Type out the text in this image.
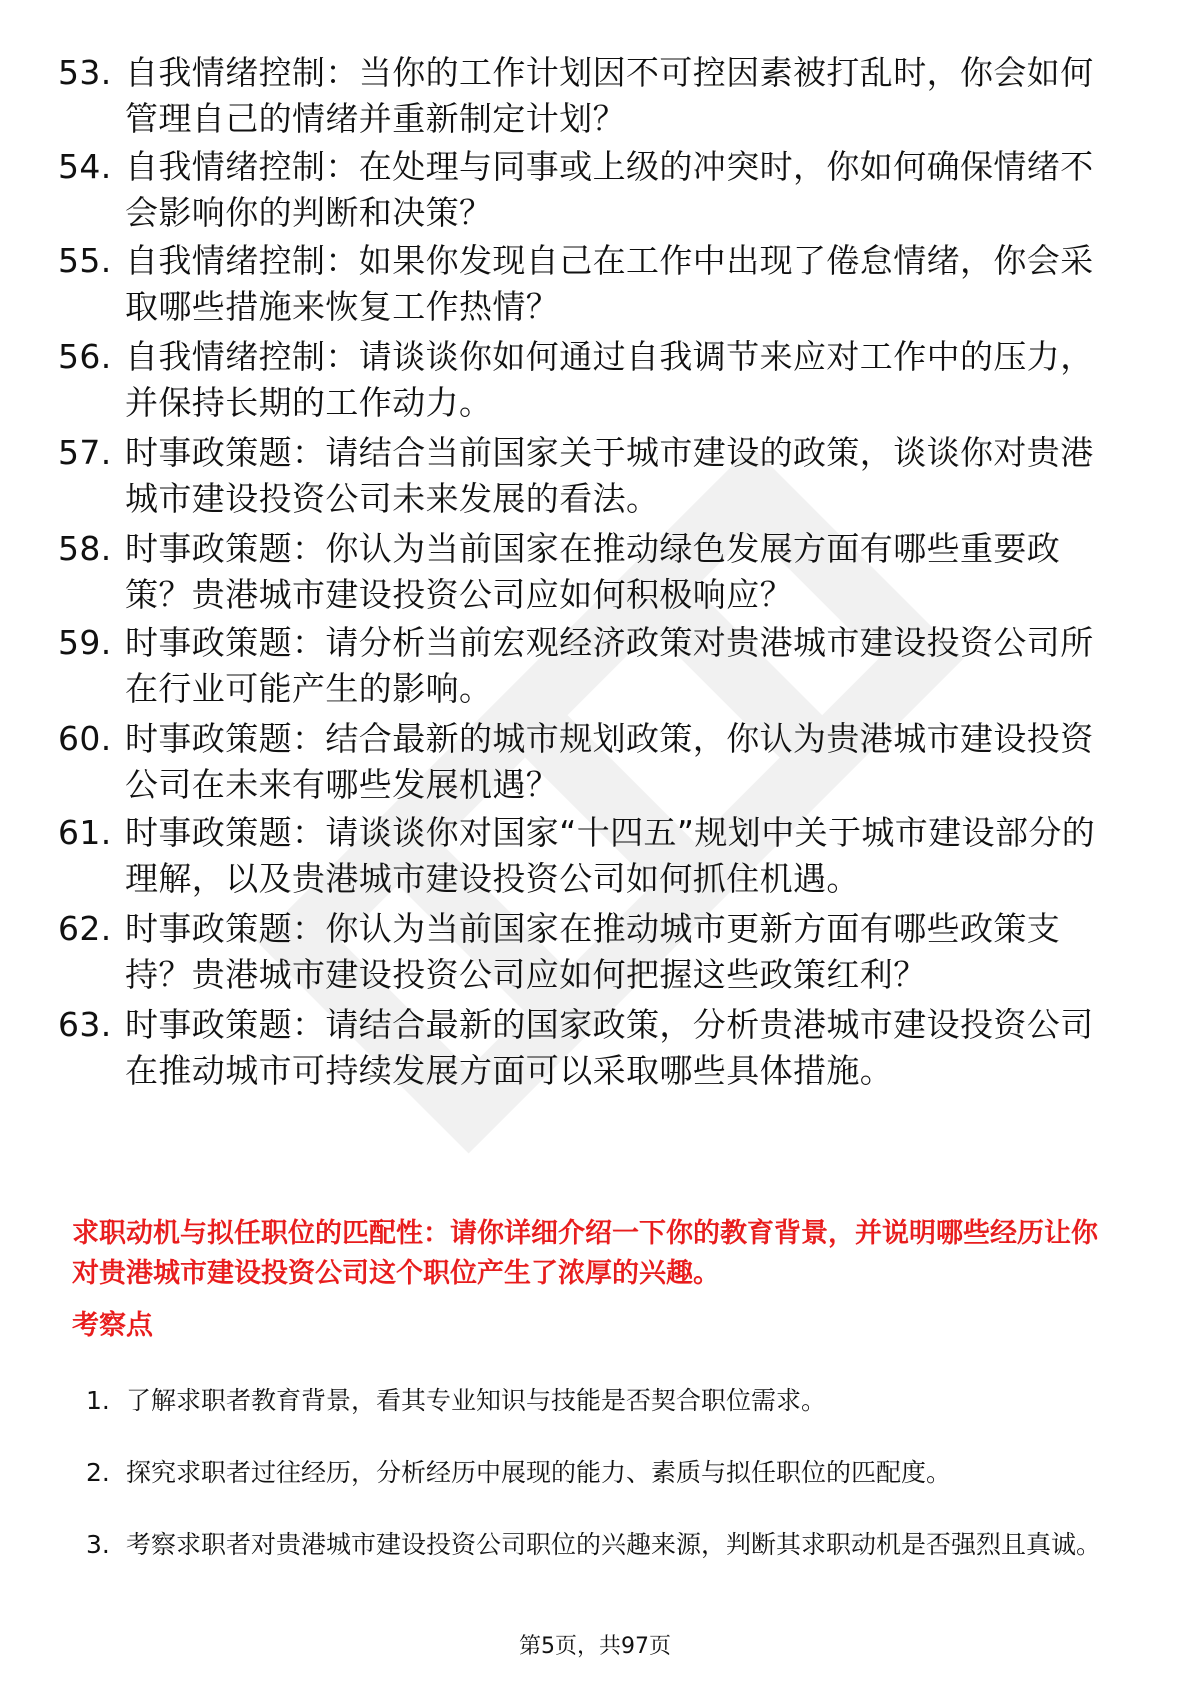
53. 自我情绪控制：当你的工作计划因不可控因素被打乱时，你会如何管理自己的情绪并重新制定计划？
54. 自我情绪控制：在处理与同事或上级的冲突时，你如何确保情绪不会影响你的判断和决策？
55. 自我情绪控制：如果你发现自己在工作中出现了倦怠情绪，你会采取哪些措施来恢复工作热情？
56. 自我情绪控制：请谈谈你如何通过自我调节来应对工作中的压力，并保持长期的工作动力。
57. 时事政策题：请结合当前国家关于城市建设的政策，谈谈你对贵港城市建设投资公司未来发展的看法。
58. 时事政策题：你认为当前国家在推动绿色发展方面有哪些重要政策？贵港城市建设投资公司应如何积极响应？
59. 时事政策题：请分析当前宏观经济政策对贵港城市建设投资公司所在行业可能产生的影响。
60. 时事政策题：结合最新的城市规划政策，你认为贵港城市建设投资公司在未来有哪些发展机遇？
61. 时事政策题：请谈谈你对国家“十四五”规划中关于城市建设部分的理解，以及贵港城市建设投资公司如何抓住机遇。
62. 时事政策题：你认为当前国家在推动城市更新方面有哪些政策支持？贵港城市建设投资公司应如何把握这些政策红利？
63. 时事政策题：请结合最新的国家政策，分析贵港城市建设投资公司在推动城市可持续发展方面可以采取哪些具体措施。
求职动机与拟任职位的匹配性：请你详细介绍一下你的教育背景，并说明哪些经历让你对贵港城市建设投资公司这个职位产生了浓厚的兴趣。
考察点
1. 了解求职者教育背景，看其专业知识与技能是否契合职位需求。
2. 探究求职者过往经历，分析经历中展现的能力、素质与拟任职位的匹配度。
3. 考察求职者对贵港城市建设投资公司职位的兴趣来源，判断其求职动机是否强烈且真诚。
第5页，共97页
